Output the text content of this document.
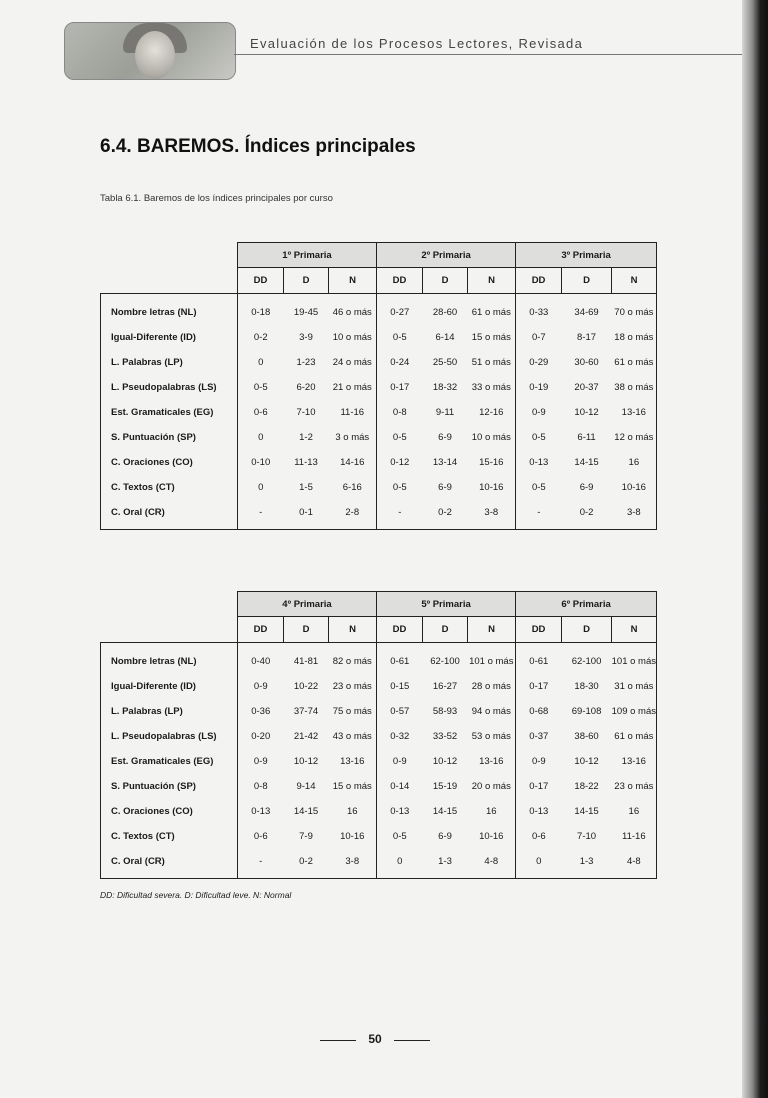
Evaluación de los Procesos Lectores, Revisada
6.4. BAREMOS. Índices principales
Tabla 6.1. Baremos de los índices principales por curso
	1º Primaria			2º Primaria			3º Primaria		
	DD	D	N	DD	D	N	DD	D	N
Nombre letras (NL)	0-18	19-45	46 o más	0-27	28-60	61 o más	0-33	34-69	70 o más
Igual-Diferente (ID)	0-2	3-9	10 o más	0-5	6-14	15 o más	0-7	8-17	18 o más
L. Palabras (LP)	0	1-23	24 o más	0-24	25-50	51 o más	0-29	30-60	61 o más
L. Pseudopalabras (LS)	0-5	6-20	21 o más	0-17	18-32	33 o más	0-19	20-37	38 o más
Est. Gramaticales (EG)	0-6	7-10	11-16	0-8	9-11	12-16	0-9	10-12	13-16
S. Puntuación (SP)	0	1-2	3 o más	0-5	6-9	10 o más	0-5	6-11	12 o más
C. Oraciones (CO)	0-10	11-13	14-16	0-12	13-14	15-16	0-13	14-15	16
C. Textos (CT)	0	1-5	6-16	0-5	6-9	10-16	0-5	6-9	10-16
C. Oral (CR)	-	0-1	2-8	-	0-2	3-8	-	0-2	3-8
	4º Primaria			5º Primaria			6º Primaria		
	DD	D	N	DD	D	N	DD	D	N
Nombre letras (NL)	0-40	41-81	82 o más	0-61	62-100	101 o más	0-61	62-100	101 o más
Igual-Diferente (ID)	0-9	10-22	23 o más	0-15	16-27	28 o más	0-17	18-30	31 o más
L. Palabras (LP)	0-36	37-74	75 o más	0-57	58-93	94 o más	0-68	69-108	109 o más
L. Pseudopalabras (LS)	0-20	21-42	43 o más	0-32	33-52	53 o más	0-37	38-60	61 o más
Est. Gramaticales (EG)	0-9	10-12	13-16	0-9	10-12	13-16	0-9	10-12	13-16
S. Puntuación (SP)	0-8	9-14	15 o más	0-14	15-19	20 o más	0-17	18-22	23 o más
C. Oraciones (CO)	0-13	14-15	16	0-13	14-15	16	0-13	14-15	16
C. Textos (CT)	0-6	7-9	10-16	0-5	6-9	10-16	0-6	7-10	11-16
C. Oral (CR)	-	0-2	3-8	0	1-3	4-8	0	1-3	4-8
DD: Dificultad severa. D: Dificultad leve. N: Normal
50
